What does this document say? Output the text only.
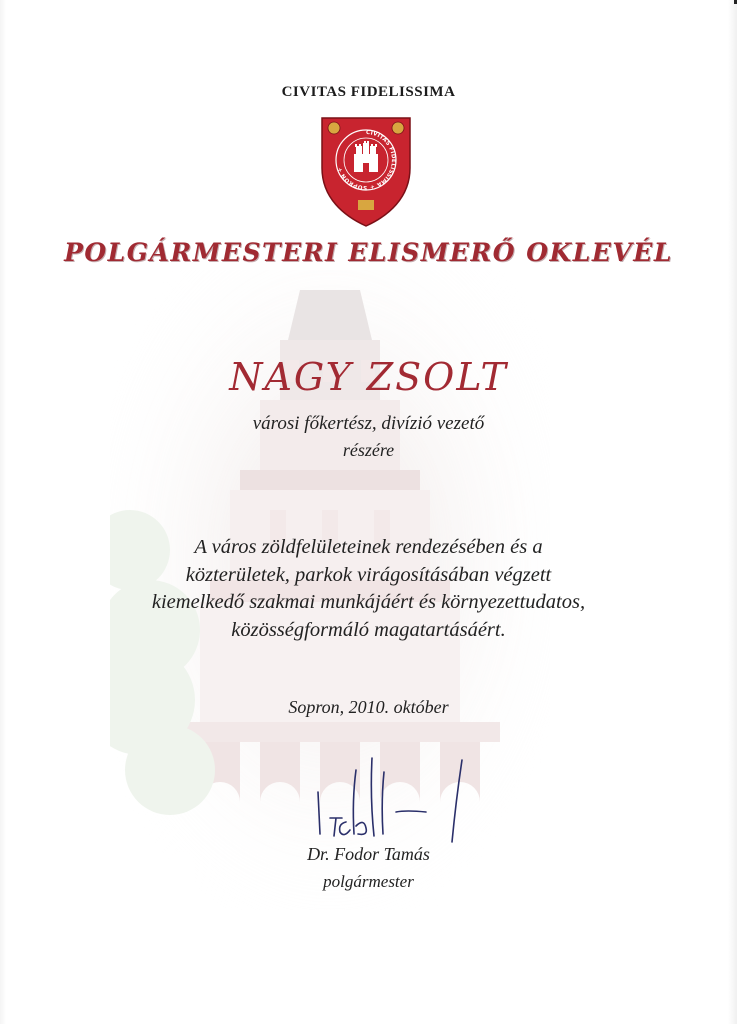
CIVITAS FIDELISSIMA
CIVITAS FIDELISSIMA + SOPRON +
POLGÁRMESTERI ELISMERŐ OKLEVÉL
NAGY ZSOLT
városi főkertész, divízió vezető
részére
A város zöldfelületeinek rendezésében és a
közterületek, parkok virágosításában végzett
kiemelkedő szakmai munkájáért és környezettudatos,
közösségformáló magatartásáért.
Sopron, 2010. október
Dr. Fodor Tamás
polgármester
